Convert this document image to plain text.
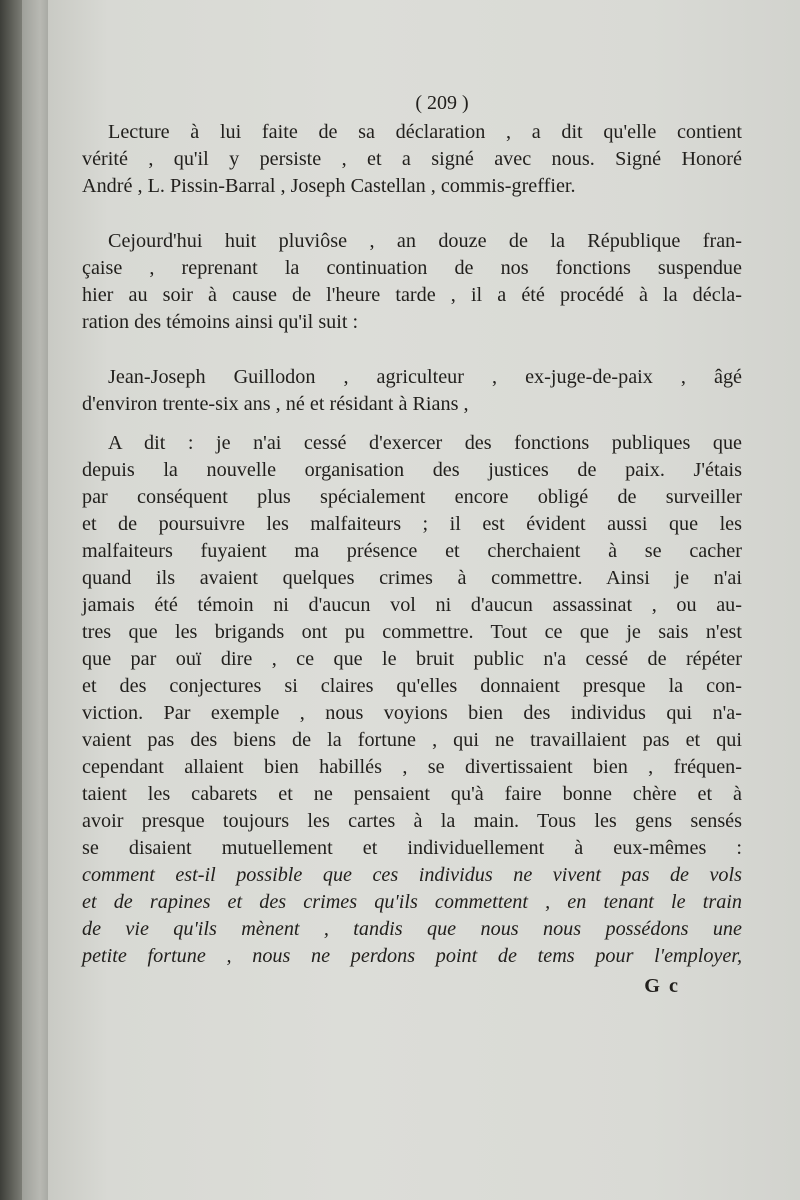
( 209 )
Lecture à lui faite de sa déclaration , a dit qu'elle contient
vérité , qu'il y persiste , et a signé avec nous. Signé Honoré
André , L. Pissin-Barral , Joseph Castellan , commis-greffier.
Cejourd'hui huit pluviôse , an douze de la République fran-
çaise , reprenant la continuation de nos fonctions suspendue
hier au soir à cause de l'heure tarde , il a été procédé à la décla-
ration des témoins ainsi qu'il suit :
Jean-Joseph Guillodon , agriculteur , ex-juge-de-paix , âgé
d'environ trente-six ans , né et résidant à Rians ,
A dit : je n'ai cessé d'exercer des fonctions publiques que
depuis la nouvelle organisation des justices de paix. J'étais
par conséquent plus spécialement encore obligé de surveiller
et de poursuivre les malfaiteurs ; il est évident aussi que les
malfaiteurs fuyaient ma présence et cherchaient à se cacher
quand ils avaient quelques crimes à commettre. Ainsi je n'ai
jamais été témoin ni d'aucun vol ni d'aucun assassinat , ou au-
tres que les brigands ont pu commettre. Tout ce que je sais n'est
que par ouï dire , ce que le bruit public n'a cessé de répéter
et des conjectures si claires qu'elles donnaient presque la con-
viction. Par exemple , nous voyions bien des individus qui n'a-
vaient pas des biens de la fortune , qui ne travaillaient pas et qui
cependant allaient bien habillés , se divertissaient bien , fréquen-
taient les cabarets et ne pensaient qu'à faire bonne chère et à
avoir presque toujours les cartes à la main. Tous les gens sensés
se disaient mutuellement et individuellement à eux-mêmes :
comment est-il possible que ces individus ne vivent pas de vols
et de rapines et des crimes qu'ils commettent , en tenant le train
de vie qu'ils mènent , tandis que nous nous possédons une
petite fortune , nous ne perdons point de tems pour l'employer,
G c
